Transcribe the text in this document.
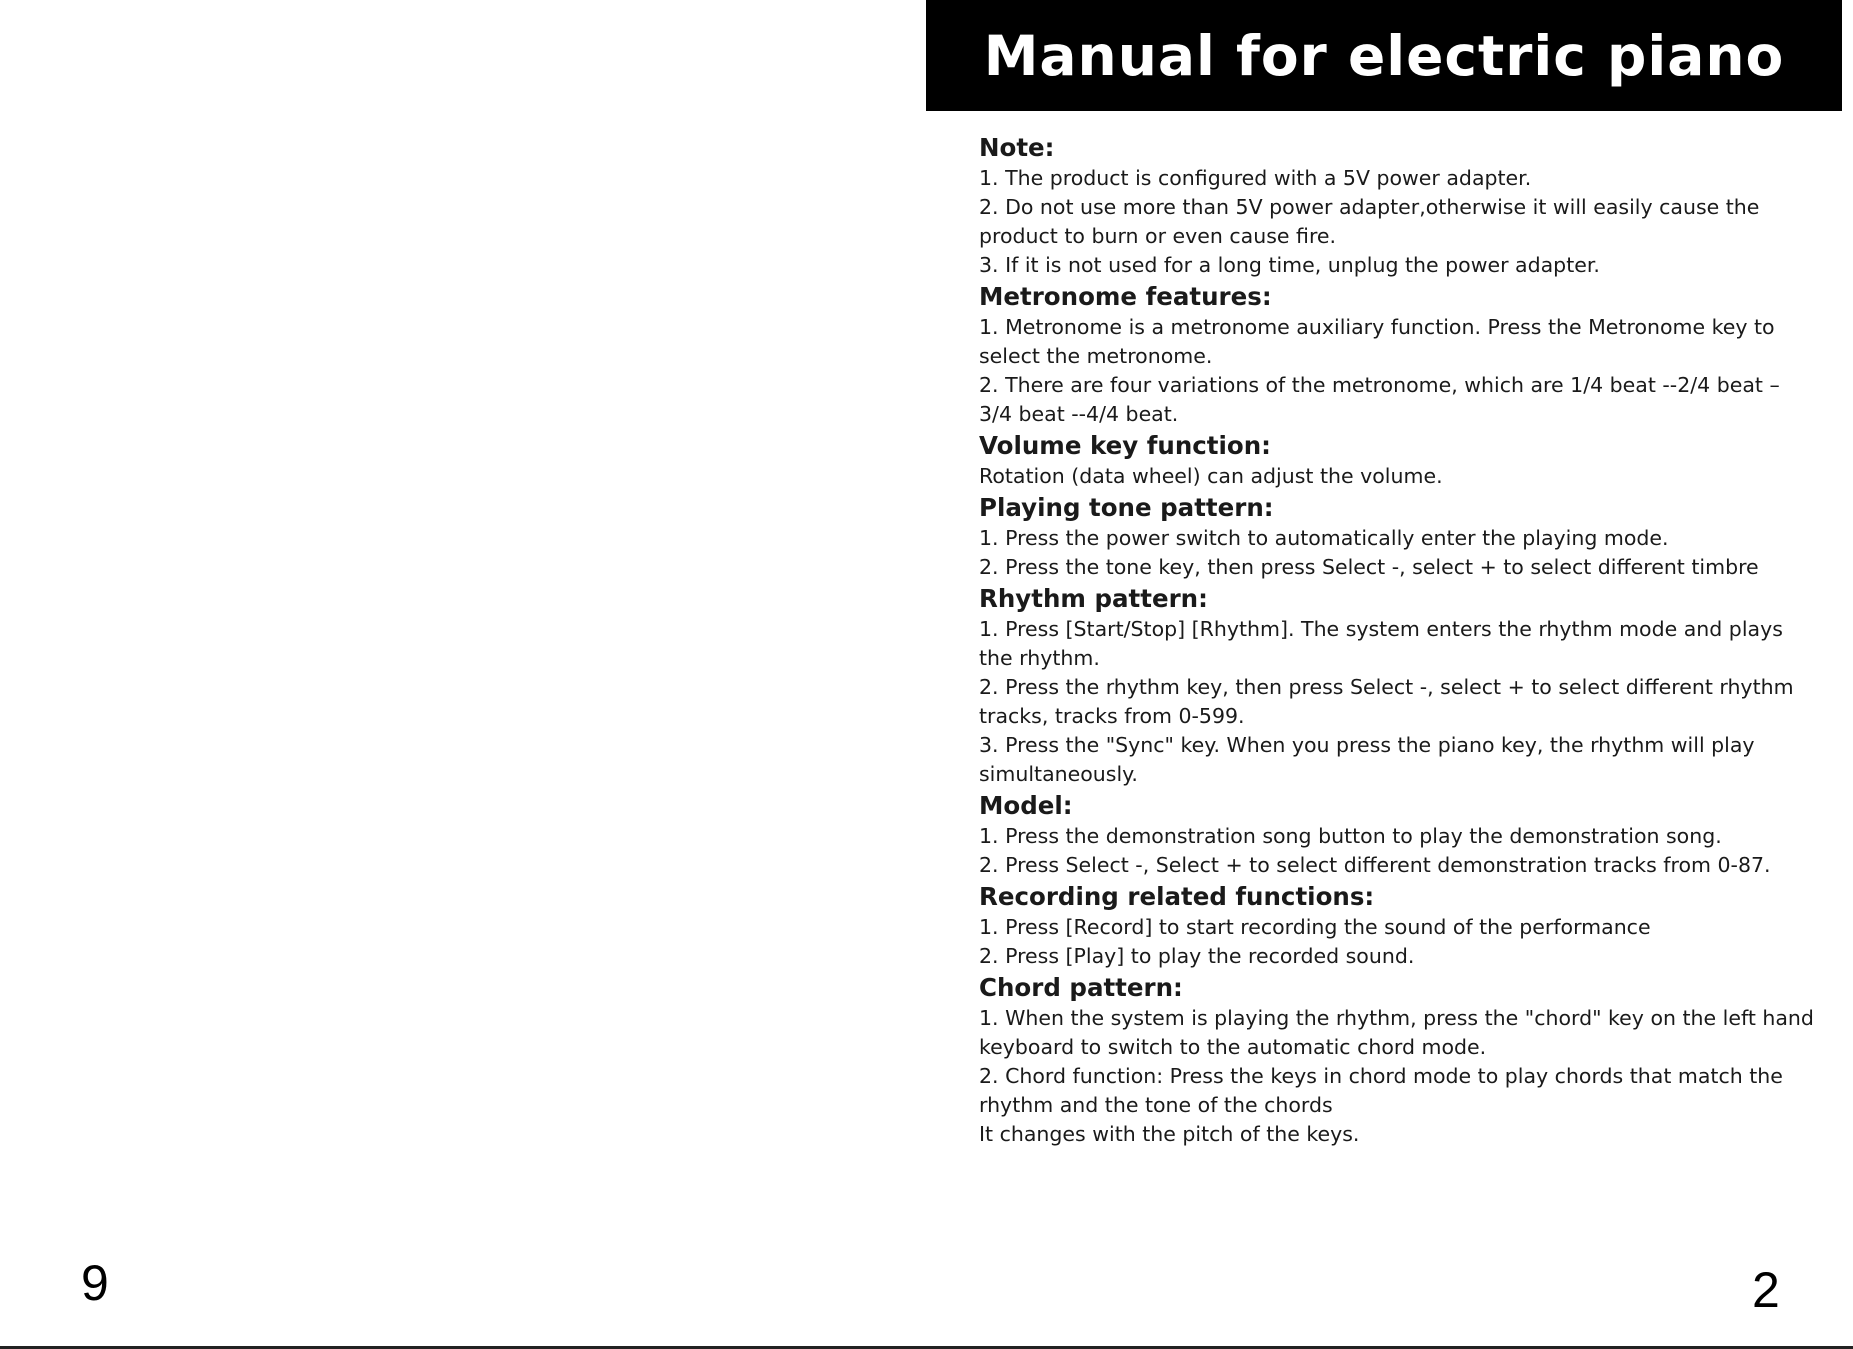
9
Manual for electric piano
Note:

1. The product is configured with a 5V power adapter.

2. Do not use more than 5V power adapter,otherwise it will easily cause the

product to burn or even cause fire.

3. If it is not used for a long time, unplug the power adapter.

Metronome features:

1. Metronome is a metronome auxiliary function. Press the Metronome key to

select the metronome.

2. There are four variations of the metronome, which are 1/4 beat --2/4 beat –

3/4 beat --4/4 beat.

Volume key function:

Rotation (data wheel) can adjust the volume.

Playing tone pattern:

1. Press the power switch to automatically enter the playing mode.

2. Press the tone key, then press Select -, select + to select different timbre

Rhythm pattern:

1. Press [Start/Stop] [Rhythm]. The system enters the rhythm mode and plays

the rhythm.

2. Press the rhythm key, then press Select -, select + to select different rhythm

tracks, tracks from 0-599.

3. Press the "Sync" key. When you press the piano key, the rhythm will play

simultaneously.

Model:

1. Press the demonstration song button to play the demonstration song.

2. Press Select -, Select + to select different demonstration tracks from 0-87.

Recording related functions:

1. Press [Record] to start recording the sound of the performance

2. Press [Play] to play the recorded sound.

Chord pattern:

1. When the system is playing the rhythm, press the "chord" key on the left hand

keyboard to switch to the automatic chord mode.

2. Chord function: Press the keys in chord mode to play chords that match the

rhythm and the tone of the chords

It changes with the pitch of the keys.

2
